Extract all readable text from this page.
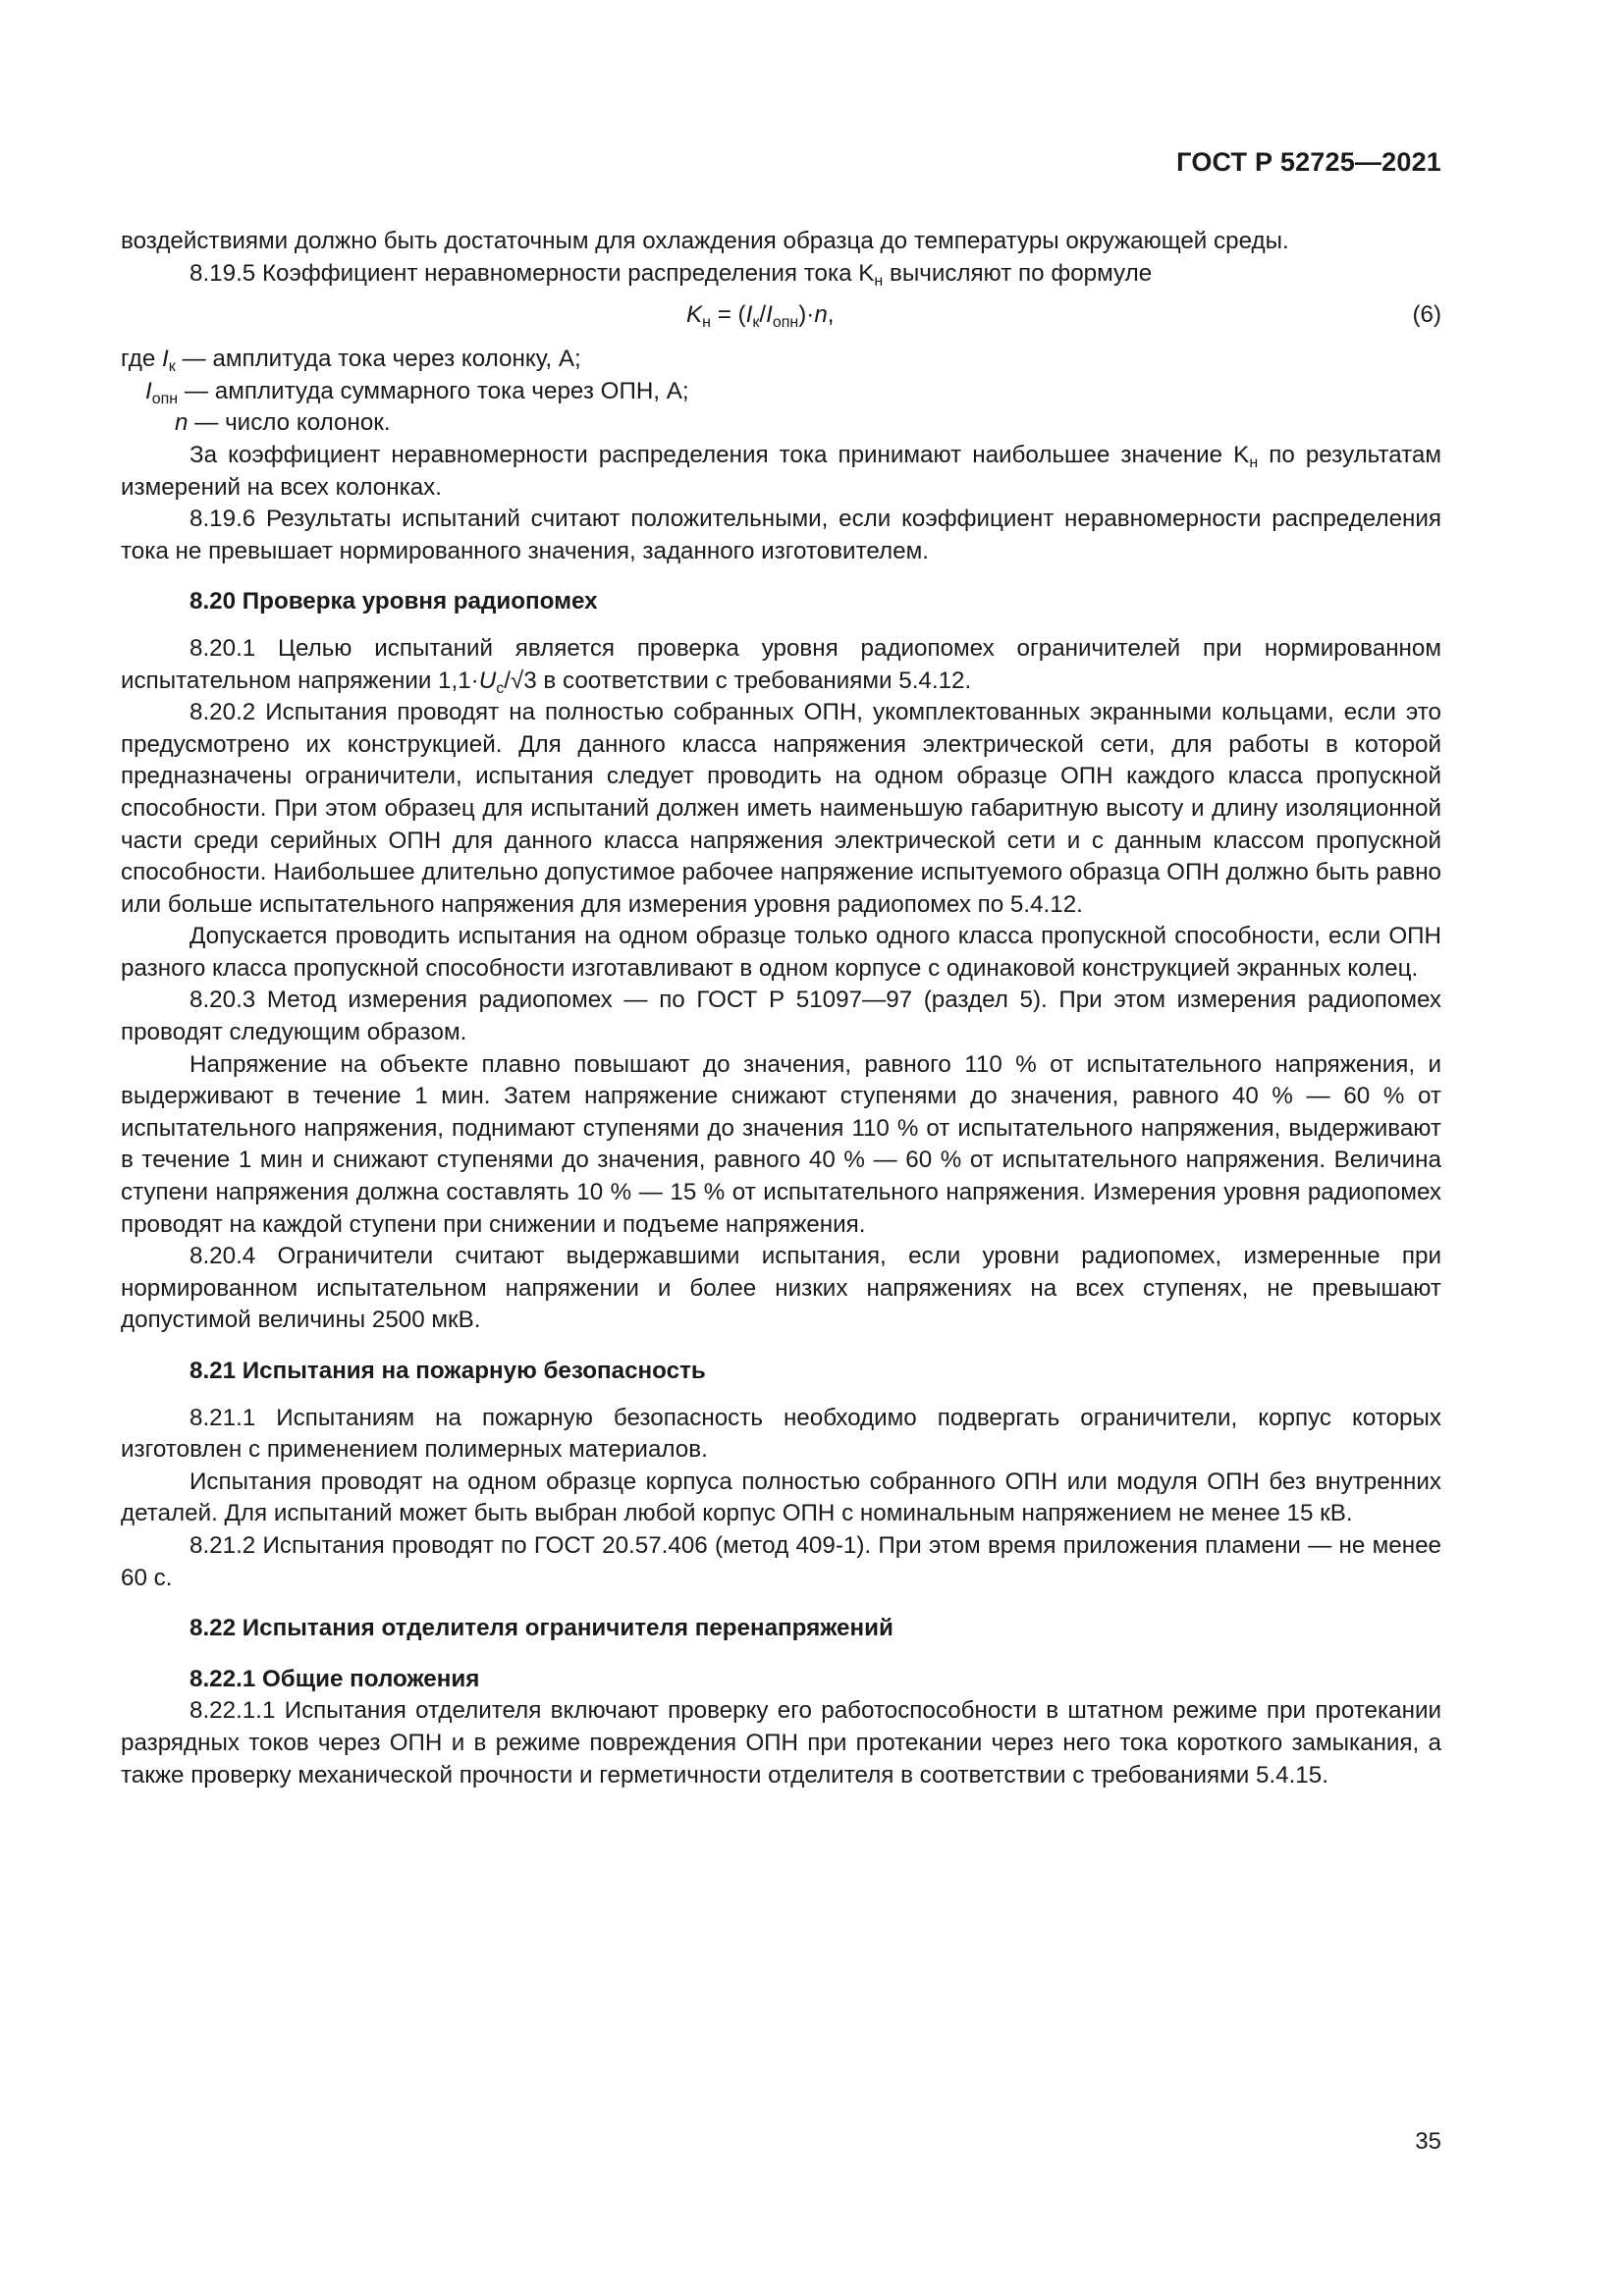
ГОСТ Р 52725—2021

воздействиями должно быть достаточным для охлаждения образца до температуры окружающей среды.

8.19.5 Коэффициент неравномерности распределения тока $K_н$ вычисляют по формуле

$K_н = (I_к/I_{опн})\cdot n$,	(6)
где $I_к$ — амплитуда тока через колонку, А;
$I_{опн}$ — амплитуда суммарного тока через ОПН, А;
n — число колонок.

За коэффициент неравномерности распределения тока принимают наибольшее значение $K_н$ по результатам измерений на всех колонках.

8.19.6 Результаты испытаний считают положительными, если коэффициент неравномерности распределения тока не превышает нормированного значения, заданного изготовителем.

8.20 Проверка уровня радиопомех

8.20.1 Целью испытаний является проверка уровня радиопомех ограничителей при нормированном испытательном напряжении $1,1\cdot U_c/√3$ в соответствии с требованиями 5.4.12.

8.20.2 Испытания проводят на полностью собранных ОПН, укомплектованных экранными кольцами, если это предусмотрено их конструкцией. Для данного класса напряжения электрической сети, для работы в которой предназначены ограничители, испытания следует проводить на одном образце ОПН каждого класса пропускной способности. При этом образец для испытаний должен иметь наименьшую габаритную высоту и длину изоляционной части среди серийных ОПН для данного класса напряжения электрической сети и с данным классом пропускной способности. Наибольшее длительно допустимое рабочее напряжение испытуемого образца ОПН должно быть равно или больше испытательного напряжения для измерения уровня радиопомех по 5.4.12.

Допускается проводить испытания на одном образце только одного класса пропускной способности, если ОПН разного класса пропускной способности изготавливают в одном корпусе с одинаковой конструкцией экранных колец.

8.20.3 Метод измерения радиопомех — по ГОСТ Р 51097—97 (раздел 5). При этом измерения радиопомех проводят следующим образом.

Напряжение на объекте плавно повышают до значения, равного 110 % от испытательного напряжения, и выдерживают в течение 1 мин. Затем напряжение снижают ступенями до значения, равного 40 % — 60 % от испытательного напряжения, поднимают ступенями до значения 110 % от испытательного напряжения, выдерживают в течение 1 мин и снижают ступенями до значения, равного 40 % — 60 % от испытательного напряжения. Величина ступени напряжения должна составлять 10 % — 15 % от испытательного напряжения. Измерения уровня радиопомех проводят на каждой ступени при снижении и подъеме напряжения.

8.20.4 Ограничители считают выдержавшими испытания, если уровни радиопомех, измеренные при нормированном испытательном напряжении и более низких напряжениях на всех ступенях, не превышают допустимой величины 2500 мкВ.

8.21 Испытания на пожарную безопасность

8.21.1 Испытаниям на пожарную безопасность необходимо подвергать ограничители, корпус которых изготовлен с применением полимерных материалов.

Испытания проводят на одном образце корпуса полностью собранного ОПН или модуля ОПН без внутренних деталей. Для испытаний может быть выбран любой корпус ОПН с номинальным напряжением не менее 15 кВ.

8.21.2 Испытания проводят по ГОСТ 20.57.406 (метод 409-1). При этом время приложения пламени — не менее 60 с.

8.22 Испытания отделителя ограничителя перенапряжений

8.22.1 Общие положения

8.22.1.1 Испытания отделителя включают проверку его работоспособности в штатном режиме при протекании разрядных токов через ОПН и в режиме повреждения ОПН при протекании через него тока короткого замыкания, а также проверку механической прочности и герметичности отделителя в соответствии с требованиями 5.4.15.

35
